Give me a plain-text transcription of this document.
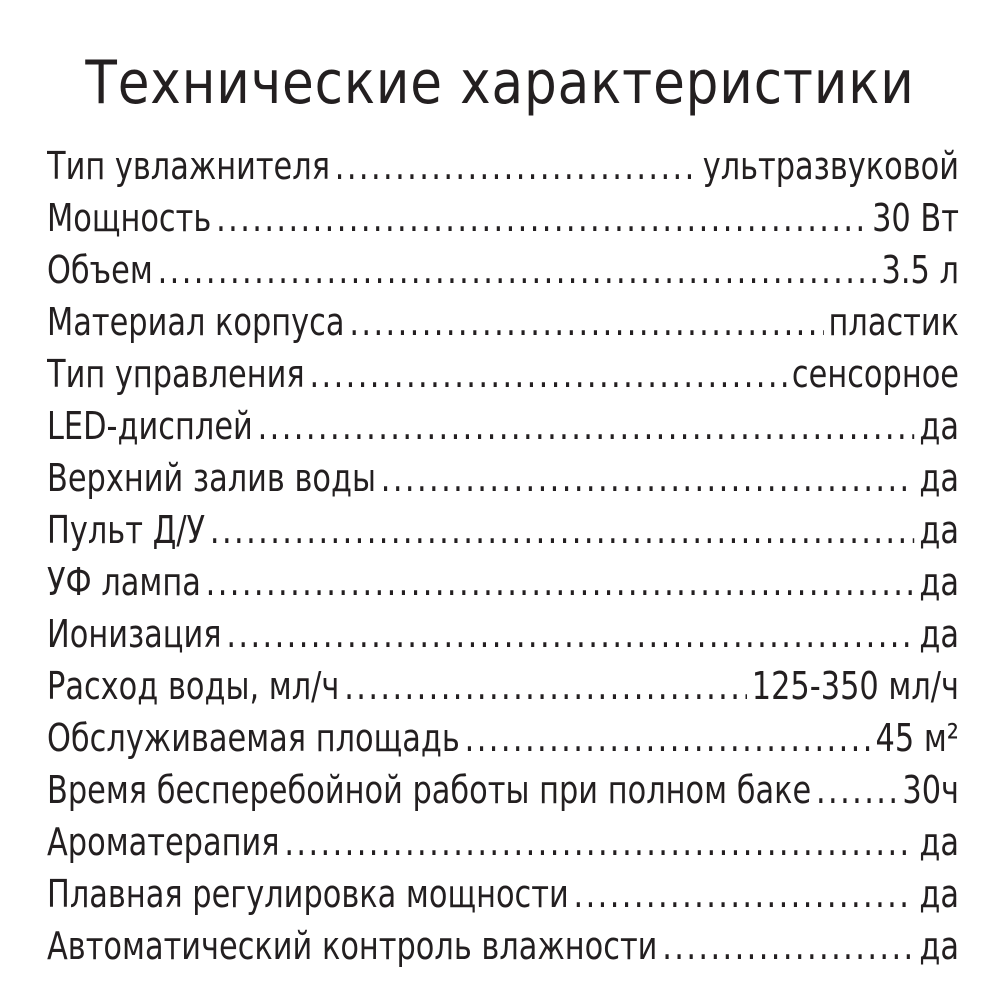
Технические характеристики
Тип увлажнителя .....	ультразвуковой
Мощность .....	30 Вт
Объем .....	3.5 л
Материал корпуса .....	пластик
Тип управления .....	сенсорное
LED-дисплей .....	да
Верхний залив воды .....	да
Пульт Д/У .....	да
УФ лампа .....	да
Ионизация .....	да
Расход воды, мл/ч .....	125-350 мл/ч
Обслуживаемая площадь .....	45 м²
Время бесперебойной работы при полном баке ..... 30ч
Ароматерапия .....	да
Плавная регулировка мощности .....	да
Автоматический контроль влажности .....	да
